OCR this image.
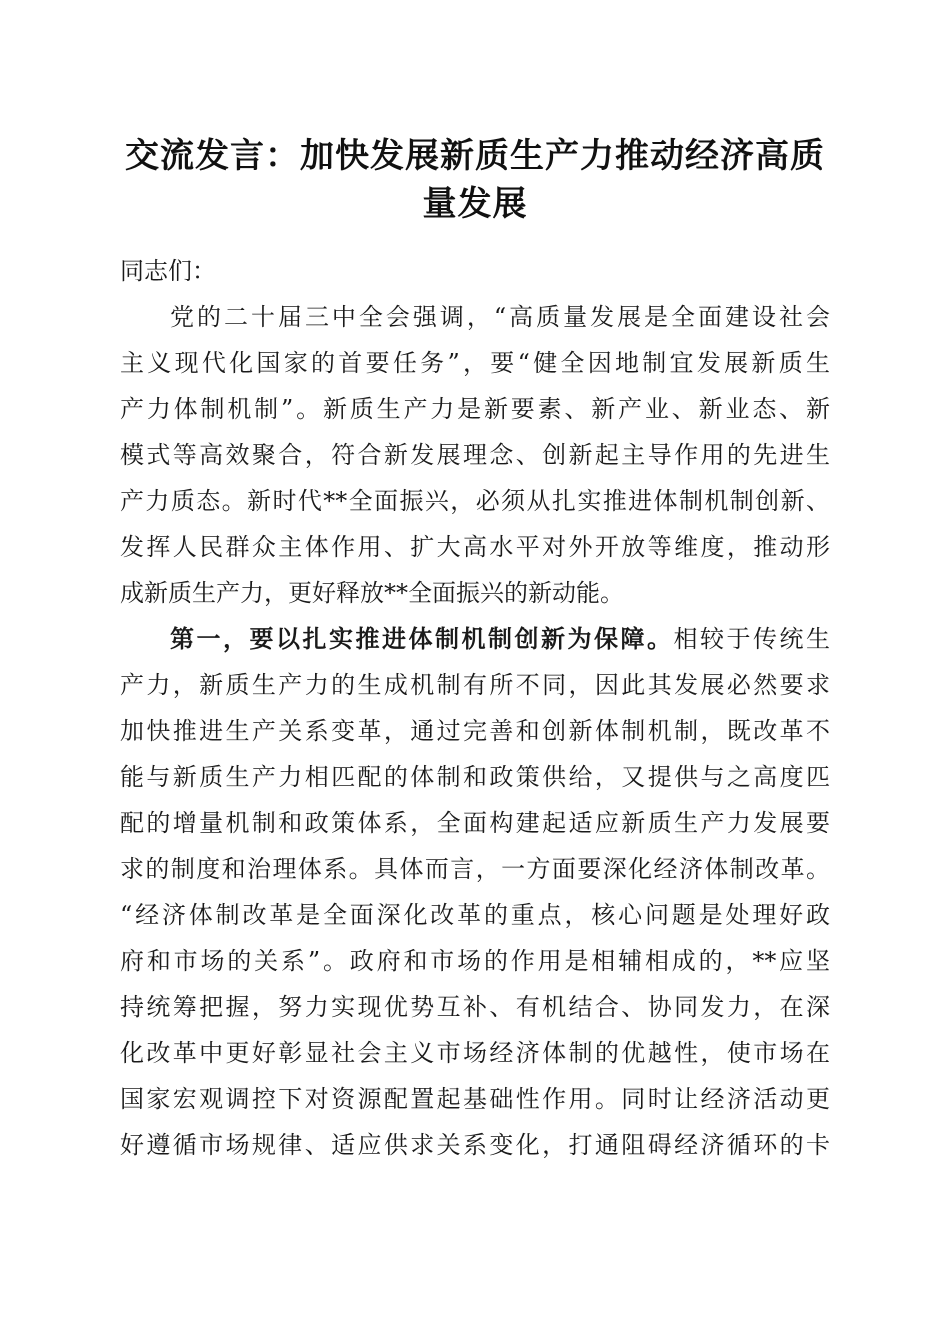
交流发言：加快发展新质生产力推动经济高质
量发展
同志们：
党的二十届三中全会强调，“高质量发展是全面建设社会
主义现代化国家的首要任务”，要“健全因地制宜发展新质生
产力体制机制”。新质生产力是新要素、新产业、新业态、新
模式等高效聚合，符合新发展理念、创新起主导作用的先进生
产力质态。新时代**全面振兴，必须从扎实推进体制机制创新、
发挥人民群众主体作用、扩大高水平对外开放等维度，推动形
成新质生产力，更好释放**全面振兴的新动能。
第一，要以扎实推进体制机制创新为保障。相较于传统生
产力，新质生产力的生成机制有所不同，因此其发展必然要求
加快推进生产关系变革，通过完善和创新体制机制，既改革不
能与新质生产力相匹配的体制和政策供给，又提供与之高度匹
配的增量机制和政策体系，全面构建起适应新质生产力发展要
求的制度和治理体系。具体而言，一方面要深化经济体制改革。
“经济体制改革是全面深化改革的重点，核心问题是处理好政
府和市场的关系”。政府和市场的作用是相辅相成的，**应坚
持统筹把握，努力实现优势互补、有机结合、协同发力，在深
化改革中更好彰显社会主义市场经济体制的优越性，使市场在
国家宏观调控下对资源配置起基础性作用。同时让经济活动更
好遵循市场规律、适应供求关系变化，打通阻碍经济循环的卡
